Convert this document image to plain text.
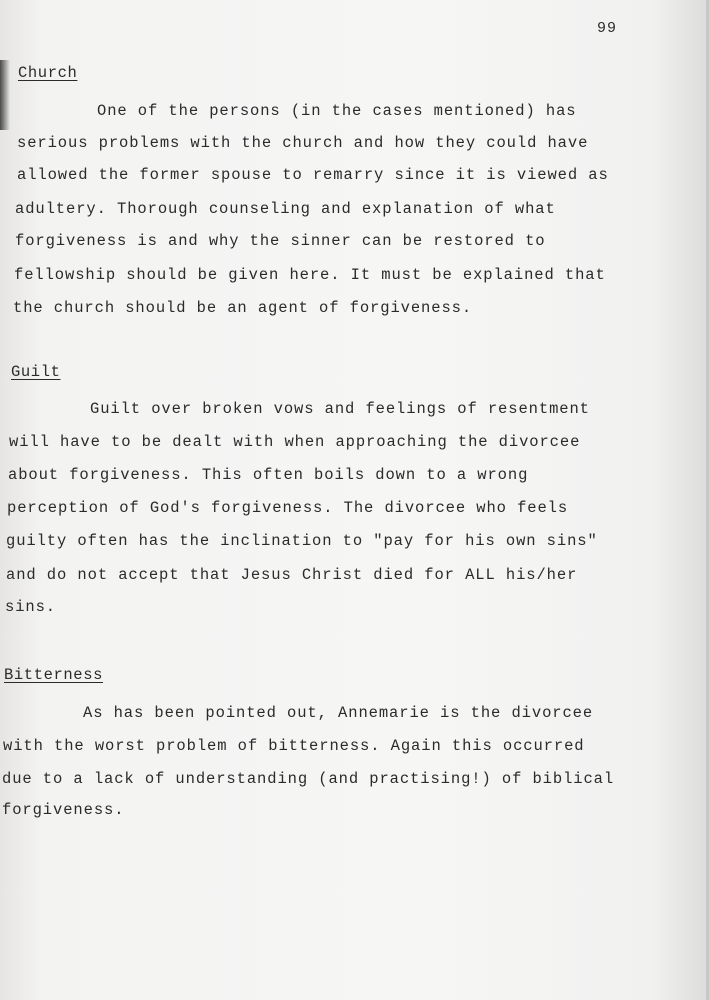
99
Church
One of the persons (in the cases mentioned) has
serious problems with the church and how they could have
allowed the former spouse to remarry since it is viewed as
adultery. Thorough counseling and explanation of what
forgiveness is and why the sinner can be restored to
fellowship should be given here. It must be explained that
the church should be an agent of forgiveness.
Guilt
Guilt over broken vows and feelings of resentment
will have to be dealt with when approaching the divorcee
about forgiveness. This often boils down to a wrong
perception of God's forgiveness. The divorcee who feels
guilty often has the inclination to "pay for his own sins"
and do not accept that Jesus Christ died for ALL his/her
sins.
Bitterness
As has been pointed out, Annemarie is the divorcee
with the worst problem of bitterness. Again this occurred
due to a lack of understanding (and practising!) of biblical
forgiveness.
